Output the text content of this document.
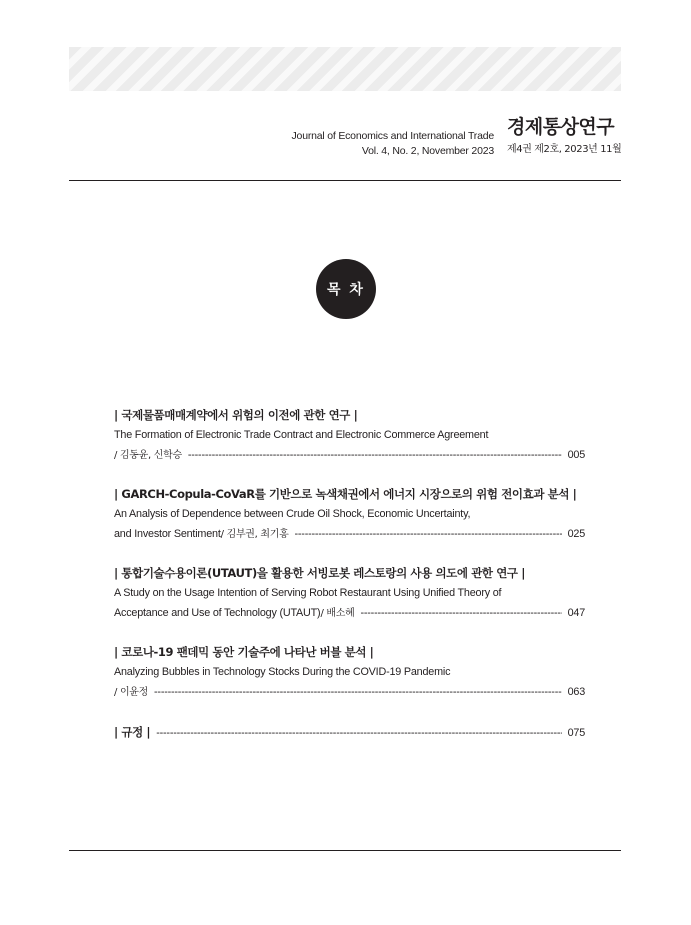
Journal of Economics and International Trade
Vol. 4, No. 2, November 2023
경제통상연구
제4권 제2호, 2023년 11월
목 차
| 국제물품매매계약에서 위험의 이전에 관한 연구 |
The Formation of Electronic Trade Contract and Electronic Commerce Agreement
/ 김동윤, 신학승 -----	005
| GARCH-Copula-CoVaR를 기반으로 녹색채권에서 에너지 시장으로의 위험 전이효과 분석 |
An Analysis of Dependence between Crude Oil Shock, Economic Uncertainty,
and Investor Sentiment / 김부권, 최기홍 -----	025
| 통합기술수용이론(UTAUT)을 활용한 서빙로봇 레스토랑의 사용 의도에 관한 연구 |
A Study on the Usage Intention of Serving Robot Restaurant Using Unified Theory of
Acceptance and Use of Technology (UTAUT) / 배소혜 -----	047
| 코로나-19 팬데믹 동안 기술주에 나타난 버블 분석 |
Analyzing Bubbles in Technology Stocks During the COVID-19 Pandemic
/ 이윤정 -----	063
| 규정 | -----	075
